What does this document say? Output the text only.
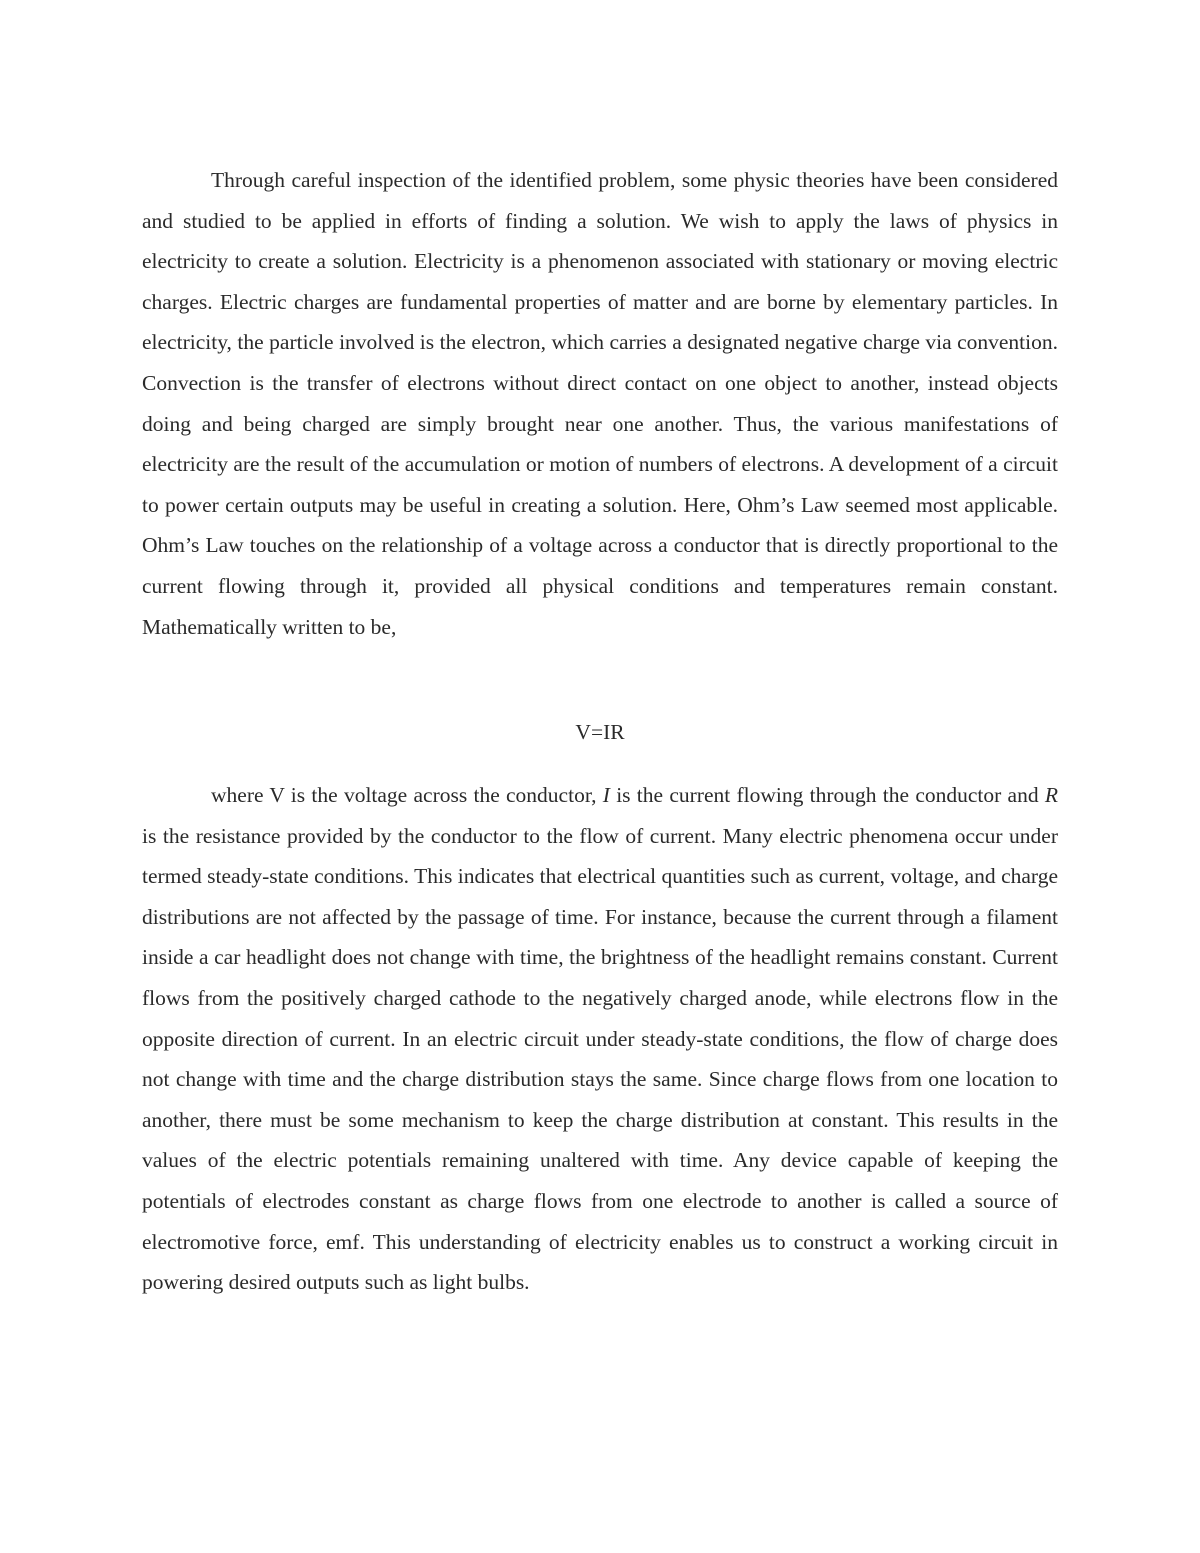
Through careful inspection of the identified problem, some physic theories have been considered and studied to be applied in efforts of finding a solution. We wish to apply the laws of physics in electricity to create a solution. Electricity is a phenomenon associated with stationary or moving electric charges. Electric charges are fundamental properties of matter and are borne by elementary particles. In electricity, the particle involved is the electron, which carries a designated negative charge via convention. Convection is the transfer of electrons without direct contact on one object to another, instead objects doing and being charged are simply brought near one another. Thus, the various manifestations of electricity are the result of the accumulation or motion of numbers of electrons. A development of a circuit to power certain outputs may be useful in creating a solution. Here, Ohm’s Law seemed most applicable. Ohm’s Law touches on the relationship of a voltage across a conductor that is directly proportional to the current flowing through it, provided all physical conditions and temperatures remain constant. Mathematically written to be,

V=IR

where V is the voltage across the conductor, I is the current flowing through the conductor and R is the resistance provided by the conductor to the flow of current. Many electric phenomena occur under termed steady-state conditions. This indicates that electrical quantities such as current, voltage, and charge distributions are not affected by the passage of time. For instance, because the current through a filament inside a car headlight does not change with time, the brightness of the headlight remains constant. Current flows from the positively charged cathode to the negatively charged anode, while electrons flow in the opposite direction of current. In an electric circuit under steady-state conditions, the flow of charge does not change with time and the charge distribution stays the same. Since charge flows from one location to another, there must be some mechanism to keep the charge distribution at constant. This results in the values of the electric potentials remaining unaltered with time. Any device capable of keeping the potentials of electrodes constant as charge flows from one electrode to another is called a source of electromotive force, emf. This understanding of electricity enables us to construct a working circuit in powering desired outputs such as light bulbs.
